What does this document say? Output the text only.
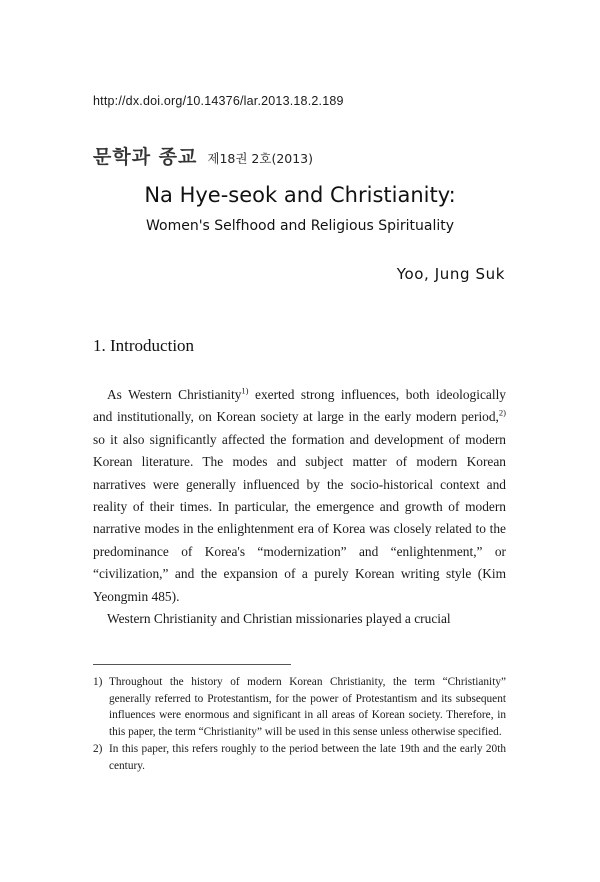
http://dx.doi.org/10.14376/lar.2013.18.2.189
문학과 종교 제18권 2호(2013)
Na Hye-seok and Christianity:
Women's Selfhood and Religious Spirituality
Yoo, Jung Suk
1. Introduction

As Western Christianity$^{1)}$ exerted strong influences, both ideologically and institutionally, on Korean society at large in the early modern period,$^{2)}$ so it also significantly affected the formation and development of modern Korean literature. The modes and subject matter of modern Korean narratives were generally influenced by the socio-historical context and reality of their times. In particular, the emergence and growth of modern narrative modes in the enlightenment era of Korea was closely related to the predominance of Korea's “modernization” and “enlightenment,” or “civilization,” and the expansion of a purely Korean writing style (Kim Yeongmin 485).

Western Christianity and Christian missionaries played a crucial

1) Throughout the history of modern Korean Christianity, the term “Christianity” generally referred to Protestantism, for the power of Protestantism and its subsequent influences were enormous and significant in all areas of Korean society. Therefore, in this paper, the term “Christianity” will be used in this sense unless otherwise specified.
2) In this paper, this refers roughly to the period between the late 19th and the early 20th century.
